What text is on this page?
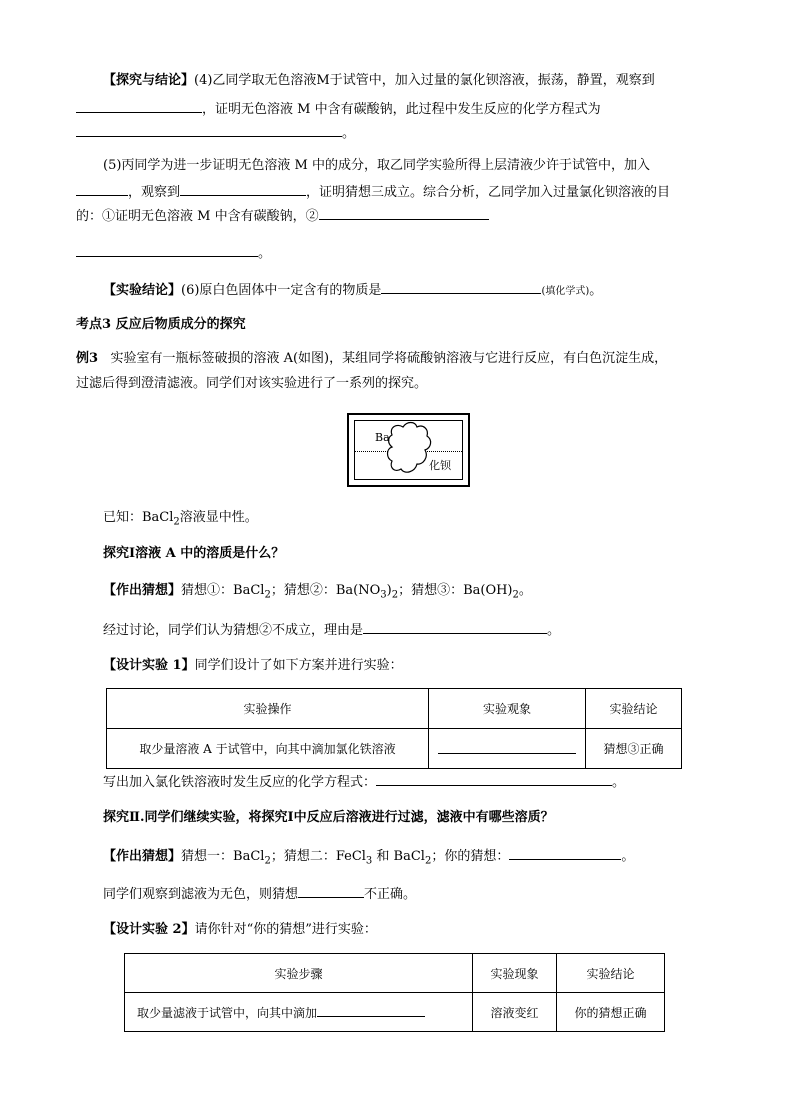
【探究与结论】(4)乙同学取无色溶液M于试管中，加入过量的氯化钡溶液，振荡，静置，观察到
，证明无色溶液 M 中含有碳酸钠，此过程中发生反应的化学方程式为
。
(5)丙同学为进一步证明无色溶液 M 中的成分，取乙同学实验所得上层清液少许于试管中，加入
，观察到	，证明猜想三成立。综合分析，乙同学加入过量氯化钡溶液的目
的：①证明无色溶液 M 中含有碳酸钠，②
。
【实验结论】(6)原白色固体中一定含有的物质是	(填化学式)。
考点3 反应后物质成分的探究
例3 实验室有一瓶标签破损的溶液 A(如图)，某组同学将硫酸钠溶液与它进行反应，有白色沉淀生成，
过滤后得到澄清滤液。同学们对该实验进行了一系列的探究。
Ba
化钡
已知：BaCl$_2$溶液显中性。
探究Ⅰ溶液 A 中的溶质是什么？
【作出猜想】猜想①：BaCl$_2$；猜想②：$Ba(NO_3)_2$；猜想③：$Ba(OH)_2$。
经过讨论，同学们认为猜想②不成立，理由是	。
【设计实验 1】同学们设计了如下方案并进行实验：
实验操作	实验观象	实验结论
取少量溶液 A 于试管中，向其中滴加氯化铁溶液		猜想③正确
写出加入氯化铁溶液时发生反应的化学方程式：	。
探究Ⅱ.同学们继续实验，将探究Ⅰ中反应后溶液进行过滤，滤液中有哪些溶质？
【作出猜想】猜想一：BaCl$_2$；猜想二：FeCl$_3$ 和 BaCl$_2$；你的猜想：	。
同学们观察到滤液为无色，则猜想	不正确。
【设计实验 2】请你针对“你的猜想”进行实验：
实验步骤	实验现象	实验结论
取少量滤液于试管中，向其中滴加	溶液变红	你的猜想正确
